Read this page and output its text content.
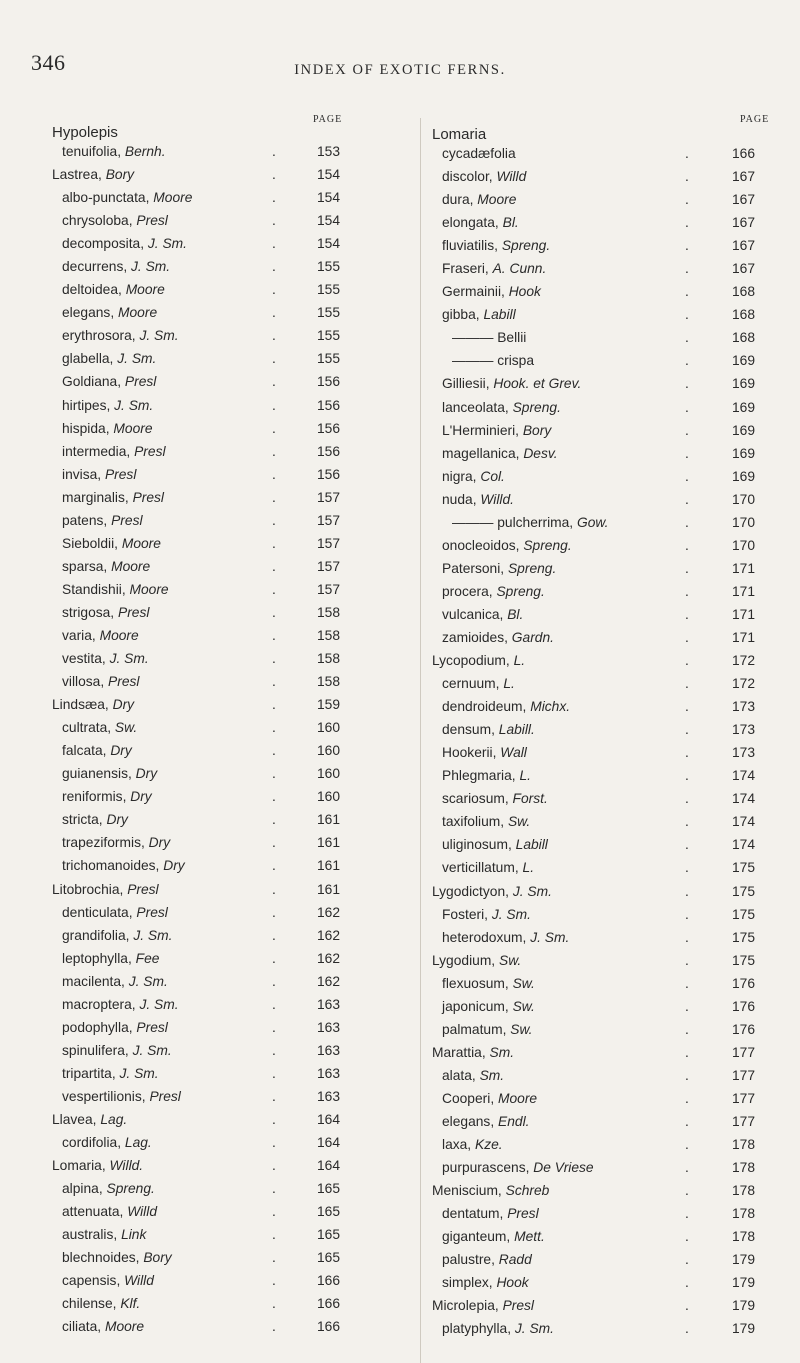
346	INDEX OF EXOTIC FERNS.
Hypolepis
PAGE
tenuifolia, Bernh.	.	153
Lastrea, Bory	.	154
albo-punctata, Moore	.	154
chrysoloba, Presl	.	154
decomposita, J. Sm.	.	154
decurrens, J. Sm.	.	155
deltoidea, Moore	.	155
elegans, Moore	.	155
erythrosora, J. Sm.	.	155
glabella, J. Sm.	.	155
Goldiana, Presl	.	156
hirtipes, J. Sm.	.	156
hispida, Moore	.	156
intermedia, Presl	.	156
invisa, Presl	.	156
marginalis, Presl	.	157
patens, Presl	.	157
Sieboldii, Moore	.	157
sparsa, Moore	.	157
Standishii, Moore	.	157
strigosa, Presl	.	158
varia, Moore	.	158
vestita, J. Sm.	.	158
villosa, Presl	.	158
Lindsæa, Dry	.	159
cultrata, Sw.	.	160
falcata, Dry	.	160
guianensis, Dry	.	160
reniformis, Dry	.	160
stricta, Dry	.	161
trapeziformis, Dry	.	161
trichomanoides, Dry	.	161
Litobrochia, Presl	.	161
denticulata, Presl	.	162
grandifolia, J. Sm.	.	162
leptophylla, Fee	.	162
macilenta, J. Sm.	.	162
macroptera, J. Sm.	.	163
podophylla, Presl	.	163
spinulifera, J. Sm.	.	163
tripartita, J. Sm.	.	163
vespertilionis, Presl	.	163
Llavea, Lag.	.	164
cordifolia, Lag.	.	164
Lomaria, Willd.	.	164
alpina, Spreng.	.	165
attenuata, Willd	.	165
australis, Link	.	165
blechnoides, Bory	.	165
capensis, Willd	.	166
chilense, Klf.	.	166
ciliata, Moore	.	166
Lomaria
PAGE
cycadæfolia	.	166
discolor, Willd	.	167
dura, Moore	.	167
elongata, Bl.	.	167
fluviatilis, Spreng.	.	167
Fraseri, A. Cunn.	.	167
Germainii, Hook	.	168
gibba, Labill	.	168
——— Bellii	.	168
——— crispa	.	169
Gilliesii, Hook. et Grev.	.	169
lanceolata, Spreng.	.	169
L'Herminieri, Bory	.	169
magellanica, Desv.	.	169
nigra, Col.	.	169
nuda, Willd.	.	170
——— pulcherrima, Gow.	.	170
onocleoidos, Spreng.	.	170
Patersoni, Spreng.	.	171
procera, Spreng.	.	171
vulcanica, Bl.	.	171
zamioides, Gardn.	.	171
Lycopodium, L.	.	172
cernuum, L.	.	172
dendroideum, Michx.	.	173
densum, Labill.	.	173
Hookerii, Wall	.	173
Phlegmaria, L.	.	174
scariosum, Forst.	.	174
taxifolium, Sw.	.	174
uliginosum, Labill	.	174
verticillatum, L.	.	175
Lygodictyon, J. Sm.	.	175
Fosteri, J. Sm.	.	175
heterodoxum, J. Sm.	.	175
Lygodium, Sw.	.	175
flexuosum, Sw.	.	176
japonicum, Sw.	.	176
palmatum, Sw.	.	176
Marattia, Sm.	.	177
alata, Sm.	.	177
Cooperi, Moore	.	177
elegans, Endl.	.	177
laxa, Kze.	.	178
purpurascens, De Vriese	.	178
Meniscium, Schreb	.	178
dentatum, Presl	.	178
giganteum, Mett.	.	178
palustre, Radd	.	179
simplex, Hook	.	179
Microlepia, Presl	.	179
platyphylla, J. Sm.	.	179
